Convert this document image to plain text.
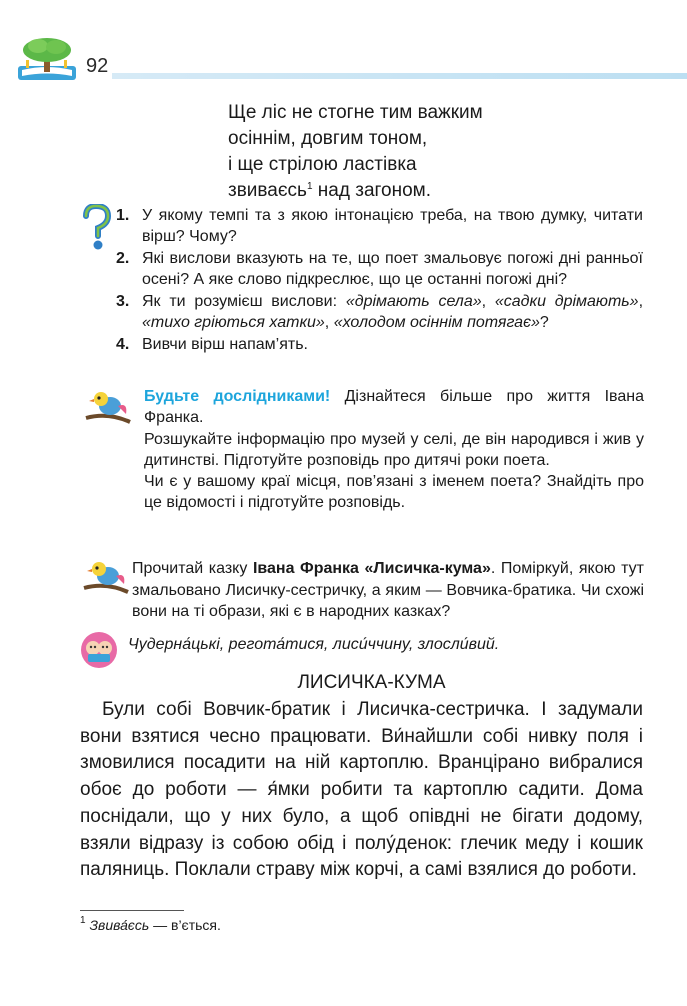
92
Ще ліс не стогне тим важким
осіннім, довгим тоном,
і ще стрілою ластівка
звиваєсь$^1$ над загоном.
1. У якому темпі та з якою інтонацією треба, на твою думку, читати вірш? Чому?
2. Які вислови вказують на те, що поет змальовує погожі дні ранньої осені? А яке слово підкреслює, що це останні погожі дні?
3. Як ти розумієш вислови: «дрімають села», «садки дрімають», «тихо гріються хатки», «холодом осіннім потягає»?
4. Вивчи вірш напам’ять.

Будьте дослідниками! Дізнайтеся більше про життя Івана Франка.

Розшукайте інформацію про музей у селі, де він народився і жив у дитинстві. Підготуйте розповідь про дитячі роки поета.

Чи є у вашому краї місця, пов’язані з іменем поета? Знайдіть про це відомості і підготуйте розповідь.

Прочитай казку Івана Франка «Лисичка-кума». Поміркуй, якою тут змальовано Лисичку-сестричку, а яким — Вовчика-братика. Чи схожі вони на ті образи, які є в народних казках?
Чудерна́цькі, регота́тися, лиси́ччину, злосли́вий.
ЛИСИЧКА-КУМА
Були собі Вовчик-братик і Лисичка-сестричка. І задумали вони взятися чесно працювати. Ви́найшли собі нивку поля і змовилися посадити на ній картоплю. Вранцірано вибралися обоє до роботи — я́мки робити та картоплю садити. Дома поснідали, що у них було, а щоб опівдні не бігати додому, взяли відразу із собою обід і полу́денок: глечик меду і кошик паляниць. Поклали страву між корчі, а самі взялися до роботи.
$^1$ Звива́єсь — в’ється.
